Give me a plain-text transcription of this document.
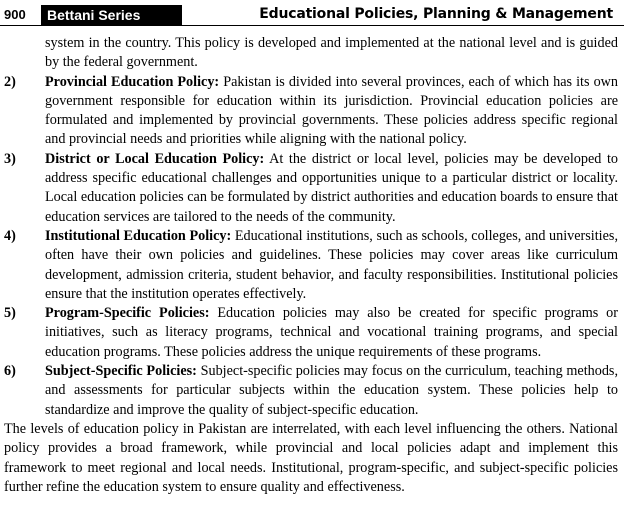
900	Bettani Series	Educational Policies, Planning & Management
system in the country. This policy is developed and implemented at the national level and is guided by the federal government.
2) Provincial Education Policy: Pakistan is divided into several provinces, each of which has its own government responsible for education within its jurisdiction. Provincial education policies are formulated and implemented by provincial governments. These policies address specific regional and provincial needs and priorities while aligning with the national policy.
3) District or Local Education Policy: At the district or local level, policies may be developed to address specific educational challenges and opportunities unique to a particular district or locality. Local education policies can be formulated by district authorities and education boards to ensure that education services are tailored to the needs of the community.
4) Institutional Education Policy: Educational institutions, such as schools, colleges, and universities, often have their own policies and guidelines. These policies may cover areas like curriculum development, admission criteria, student behavior, and faculty responsibilities. Institutional policies ensure that the institution operates effectively.
5) Program-Specific Policies: Education policies may also be created for specific programs or initiatives, such as literacy programs, technical and vocational training programs, and special education programs. These policies address the unique requirements of these programs.
6) Subject-Specific Policies: Subject-specific policies may focus on the curriculum, teaching methods, and assessments for particular subjects within the education system. These policies help to standardize and improve the quality of subject-specific education.
The levels of education policy in Pakistan are interrelated, with each level influencing the others. National policy provides a broad framework, while provincial and local policies adapt and implement this framework to meet regional and local needs. Institutional, program-specific, and subject-specific policies further refine the education system to ensure quality and effectiveness.
